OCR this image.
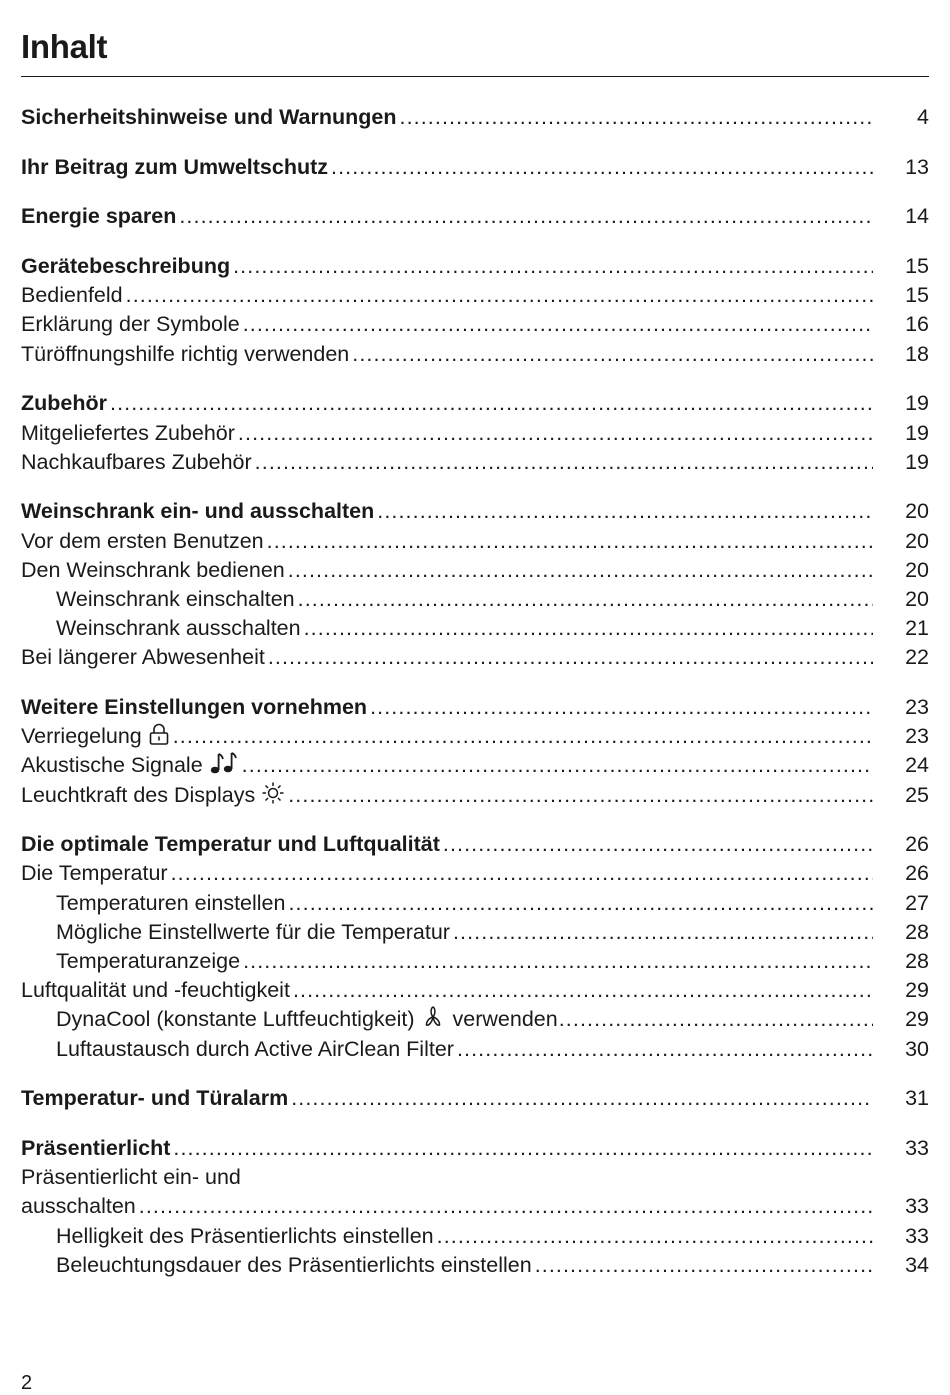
Inhalt
Sicherheitshinweise und Warnungen .....	4
Ihr Beitrag zum Umweltschutz .....	13
Energie sparen .....	14
Gerätebeschreibung .....	15
Bedienfeld .....	15
Erklärung der Symbole .....	16
Türöffnungshilfe richtig verwenden .....	18
Zubehör .....	19
Mitgeliefertes Zubehör .....	19
Nachkaufbares Zubehör .....	19
Weinschrank ein- und ausschalten .....	20
Vor dem ersten Benutzen .....	20
Den Weinschrank bedienen .....	20
Weinschrank einschalten .....	20
Weinschrank ausschalten .....	21
Bei längerer Abwesenheit .....	22
Weitere Einstellungen vornehmen .....	23
Verriegelung .....	23
Akustische Signale .....	24
Leuchtkraft des Displays .....	25
Die optimale Temperatur und Luftqualität .....	26
Die Temperatur .....	26
Temperaturen einstellen .....	27
Mögliche Einstellwerte für die Temperatur .....	28
Temperaturanzeige .....	28
Luftqualität und -feuchtigkeit .....	29
DynaCool (konstante Luftfeuchtigkeit) verwenden .....	29
Luftaustausch durch Active AirClean Filter .....	30
Temperatur- und Türalarm .....	31
Präsentierlicht .....	33
Präsentierlicht ein- und
ausschalten .....	33
Helligkeit des Präsentierlichts einstellen .....	33
Beleuchtungsdauer des Präsentierlichts einstellen .....	34
2
